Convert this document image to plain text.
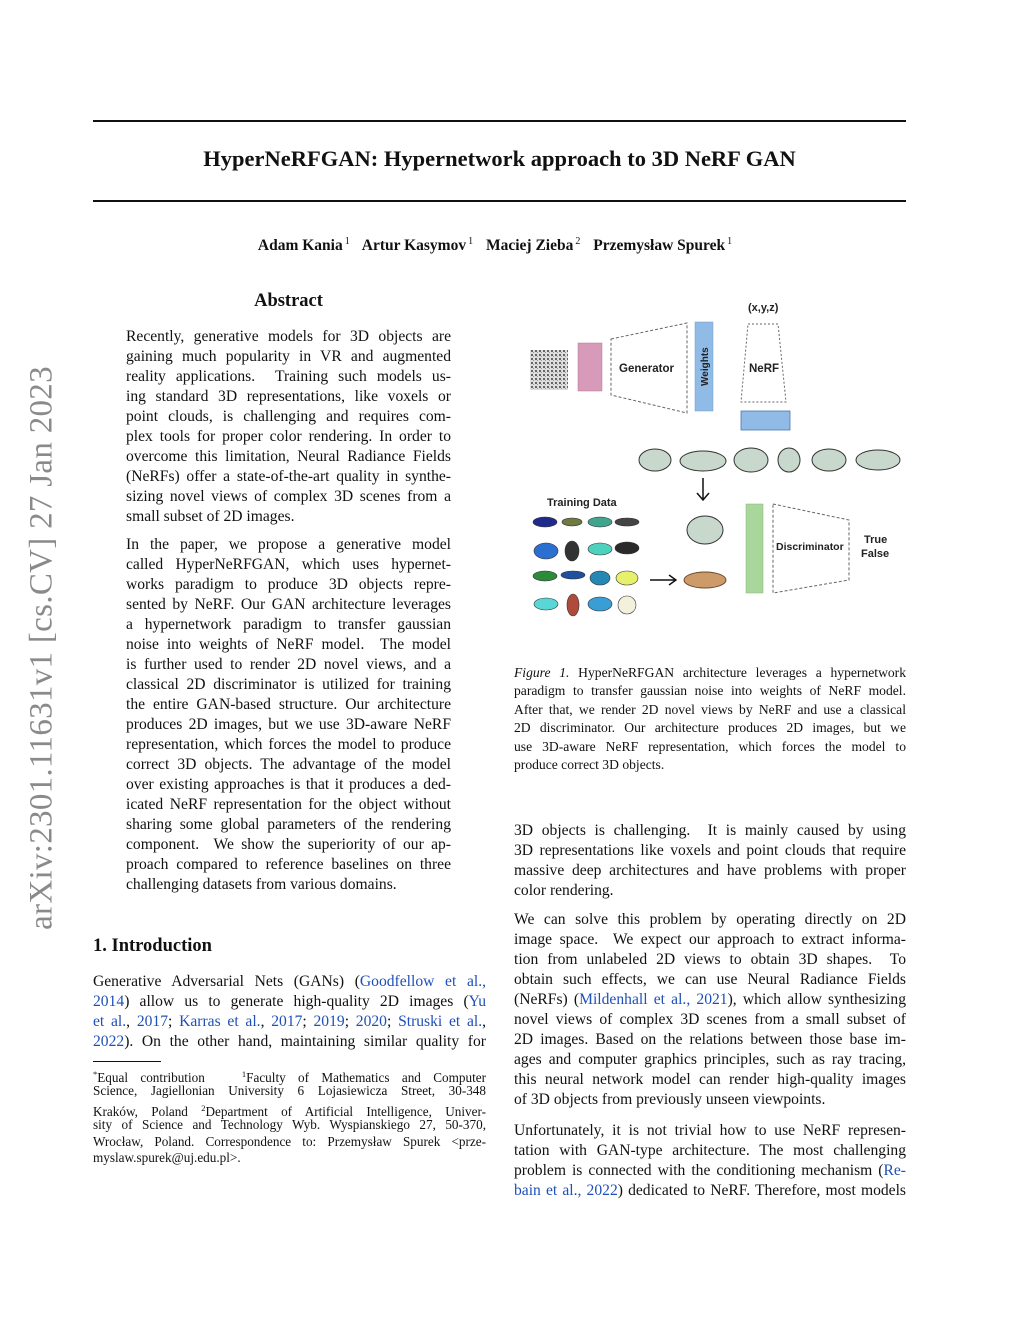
HyperNeRFGAN: Hypernetwork approach to 3D NeRF GAN
Adam Kania $^1$ Artur Kasymov $^1$ Maciej Zieba $^2$ Przemysław Spurek $^1$
arXiv:2301.11631v1 [cs.CV] 27 Jan 2023
Abstract
Recently, generative models for 3D objects are
gaining much popularity in VR and augmented
reality applications.  Training such models us-
ing standard 3D representations, like voxels or
point clouds, is challenging and requires com-
plex tools for proper color rendering. In order to
overcome this limitation, Neural Radiance Fields
(NeRFs) offer a state-of-the-art quality in synthe-
sizing novel views of complex 3D scenes from a
small subset of 2D images.
In the paper, we propose a generative model
called HyperNeRFGAN, which uses hypernet-
works paradigm to produce 3D objects repre-
sented by NeRF. Our GAN architecture leverages
a hypernetwork paradigm to transfer gaussian
noise into weights of NeRF model.  The model
is further used to render 2D novel views, and a
classical 2D discriminator is utilized for training
the entire GAN-based structure. Our architecture
produces 2D images, but we use 3D-aware NeRF
representation, which forces the model to produce
correct 3D objects. The advantage of the model
over existing approaches is that it produces a ded-
icated NeRF representation for the object without
sharing some global parameters of the rendering
component.  We show the superiority of our ap-
proach compared to reference baselines on three
challenging datasets from various domains.
1. Introduction
Generative Adversarial Nets (GANs) (Goodfellow et al.,
2014) allow us to generate high-quality 2D images (Yu
et al., 2017; Karras et al., 2017; 2019; 2020; Struski et al.,
2022). On the other hand, maintaining similar quality for
*Equal contribution   $^1$Faculty of Mathematics and Computer
Science, Jagiellonian University 6 Lojasiewicza Street, 30-348
Kraków, Poland $^2$Department of Artificial Intelligence, Univer-
sity of Science and Technology Wyb. Wyspianskiego 27, 50-370,
Wrocław, Poland. Correspondence to: Przemysław Spurek <prze-
myslaw.spurek@uj.edu.pl>.
Generator	Weights
(x,y,z)
NeRF
Training Data
Discriminator
True
False
Figure 1. HyperNeRFGAN architecture leverages a hypernetwork
paradigm to transfer gaussian noise into weights of NeRF model.
After that, we render 2D novel views by NeRF and use a classical
2D discriminator. Our architecture produces 2D images, but we
use 3D-aware NeRF representation, which forces the model to
produce correct 3D objects.
3D objects is challenging.  It is mainly caused by using
3D representations like voxels and point clouds that require
massive deep architectures and have problems with proper
color rendering.
We can solve this problem by operating directly on 2D
image space.  We expect our approach to extract informa-
tion from unlabeled 2D views to obtain 3D shapes.  To
obtain such effects, we can use Neural Radiance Fields
(NeRFs) (Mildenhall et al., 2021), which allow synthesizing
novel views of complex 3D scenes from a small subset of
2D images. Based on the relations between those base im-
ages and computer graphics principles, such as ray tracing,
this neural network model can render high-quality images
of 3D objects from previously unseen viewpoints.
Unfortunately, it is not trivial how to use NeRF represen-
tation with GAN-type architecture. The most challenging
problem is connected with the conditioning mechanism (Re-
bain et al., 2022) dedicated to NeRF. Therefore, most models
